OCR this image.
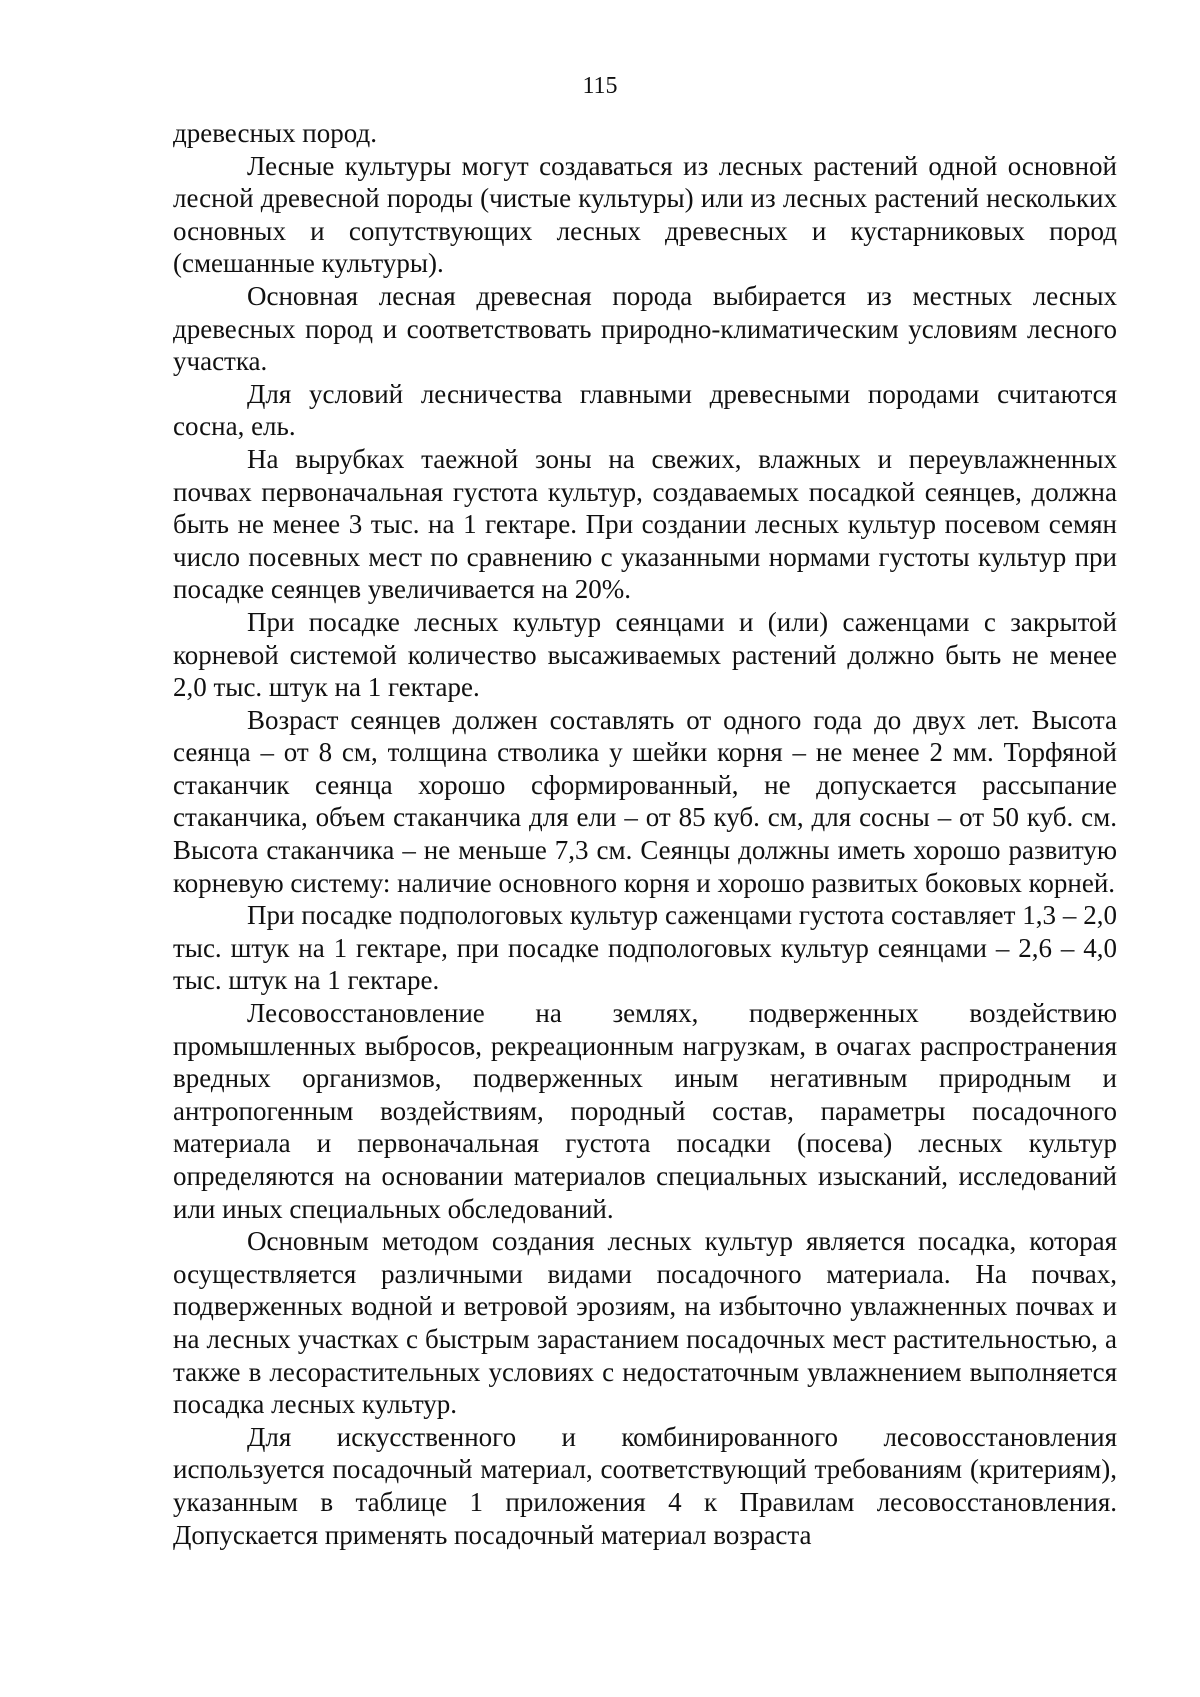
115

древесных пород.

Лесные культуры могут создаваться из лесных растений одной основной лесной древесной породы (чистые культуры) или из лесных растений нескольких основных и сопутствующих лесных древесных и кустарниковых пород (смешанные культуры).

Основная лесная древесная порода выбирается из местных лесных древесных пород и соответствовать природно-климатическим условиям лесного участка.

Для условий лесничества главными древесными породами считаются сосна, ель.

На вырубках таежной зоны на свежих, влажных и переувлажненных почвах первоначальная густота культур, создаваемых посадкой сеянцев, должна быть не менее 3 тыс. на 1 гектаре. При создании лесных культур посевом семян число посевных мест по сравнению с указанными нормами густоты культур при посадке сеянцев увеличивается на 20%.

При посадке лесных культур сеянцами и (или) саженцами с закрытой корневой системой количество высаживаемых растений должно быть не менее 2,0 тыс. штук на 1 гектаре.

Возраст сеянцев должен составлять от одного года до двух лет. Высота сеянца – от 8 см, толщина стволика у шейки корня – не менее 2 мм. Торфяной стаканчик сеянца хорошо сформированный, не допускается рассыпание стаканчика, объем стаканчика для ели – от 85 куб. см, для сосны – от 50 куб. см. Высота стаканчика – не меньше 7,3 см. Сеянцы должны иметь хорошо развитую корневую систему: наличие основного корня и хорошо развитых боковых корней.

При посадке подпологовых культур саженцами густота составляет 1,3 – 2,0 тыс. штук на 1 гектаре, при посадке подпологовых культур сеянцами – 2,6 – 4,0 тыс. штук на 1 гектаре.

Лесовосстановление на землях, подверженных воздействию промышленных выбросов, рекреационным нагрузкам, в очагах распространения вредных организмов, подверженных иным негативным природным и антропогенным воздействиям, породный состав, параметры посадочного материала и первоначальная густота посадки (посева) лесных культур определяются на основании материалов специальных изысканий, исследований или иных специальных обследований.

Основным методом создания лесных культур является посадка, которая осуществляется различными видами посадочного материала. На почвах, подверженных водной и ветровой эрозиям, на избыточно увлажненных почвах и на лесных участках с быстрым зарастанием посадочных мест растительностью, а также в лесорастительных условиях с недостаточным увлажнением выполняется посадка лесных культур.

Для искусственного и комбинированного лесовосстановления используется посадочный материал, соответствующий требованиям (критериям), указанным в таблице 1 приложения 4 к Правилам лесовосстановления. Допускается применять посадочный материал возраста
